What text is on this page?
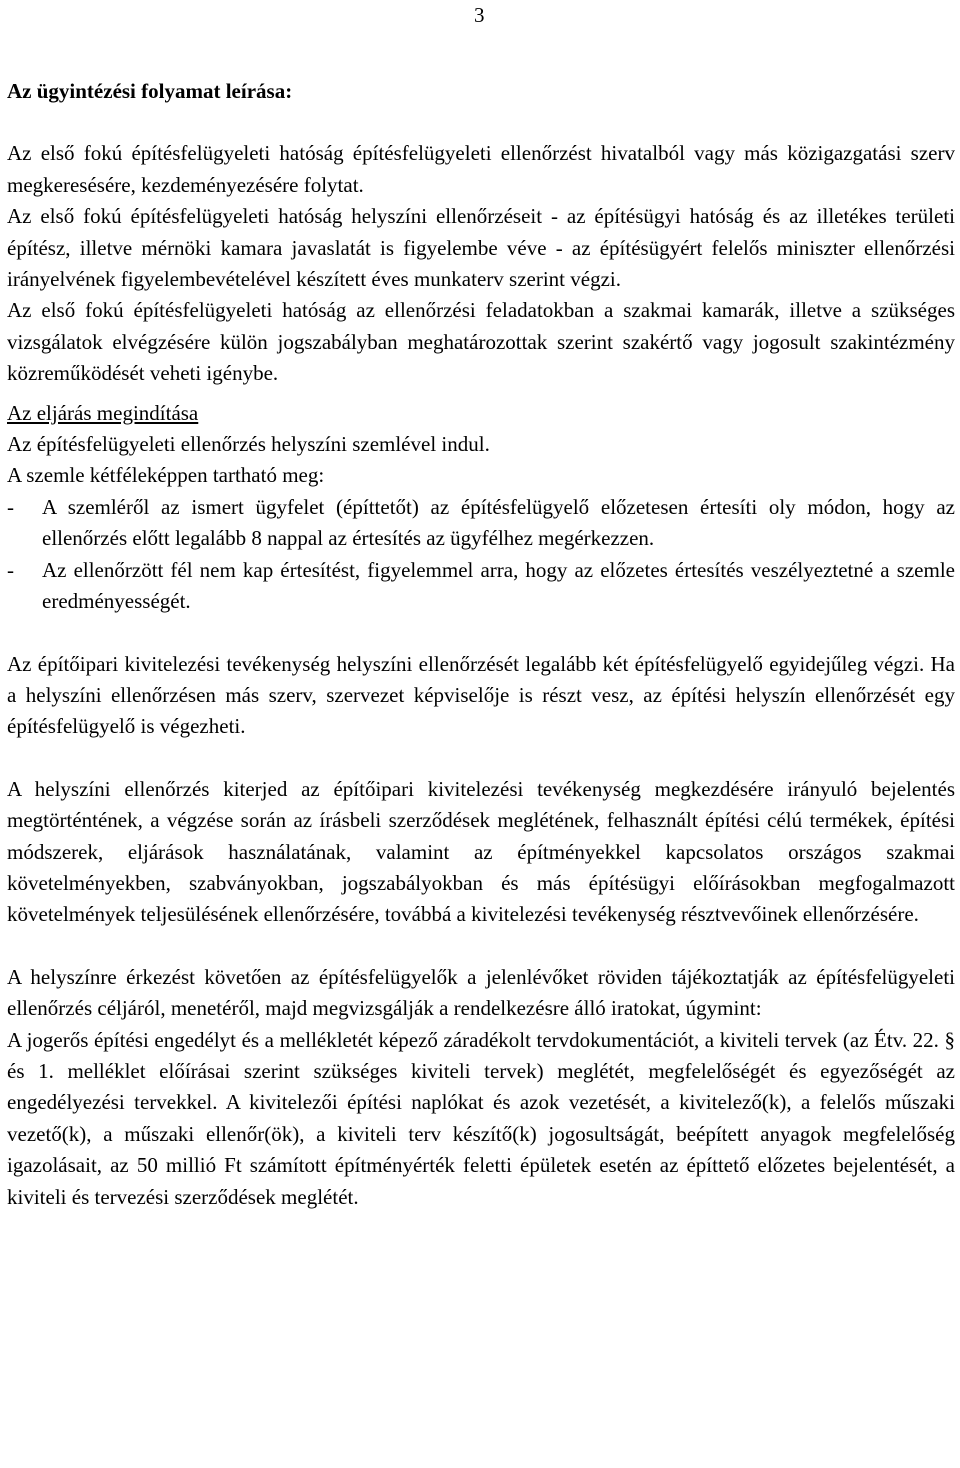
3

Az ügyintézési folyamat leírása:

Az első fokú építésfelügyeleti hatóság építésfelügyeleti ellenőrzést hivatalból vagy más közigazgatási szerv megkeresésére, kezdeményezésére folytat.

Az első fokú építésfelügyeleti hatóság helyszíni ellenőrzéseit - az építésügyi hatóság és az illetékes területi építész, illetve mérnöki kamara javaslatát is figyelembe véve - az építésügyért felelős miniszter ellenőrzési irányelvének figyelembevételével készített éves munkaterv szerint végzi.

Az első fokú építésfelügyeleti hatóság az ellenőrzési feladatokban a szakmai kamarák, illetve a szükséges vizsgálatok elvégzésére külön jogszabályban meghatározottak szerint szakértő vagy jogosult szakintézmény közreműködését veheti igénybe.

Az eljárás megindítása

Az építésfelügyeleti ellenőrzés helyszíni szemlével indul.

A szemle kétféleképpen tartható meg:

-	A szemléről az ismert ügyfelet (építtetőt) az építésfelügyelő előzetesen értesíti oly módon, hogy az ellenőrzés előtt legalább 8 nappal az értesítés az ügyfélhez megérkezzen.
-	Az ellenőrzött fél nem kap értesítést, figyelemmel arra, hogy az előzetes értesítés veszélyeztetné a szemle eredményességét.

Az építőipari kivitelezési tevékenység helyszíni ellenőrzését legalább két építésfelügyelő egyidejűleg végzi. Ha a helyszíni ellenőrzésen más szerv, szervezet képviselője is részt vesz, az építési helyszín ellenőrzését egy építésfelügyelő is végezheti.

A helyszíni ellenőrzés kiterjed az építőipari kivitelezési tevékenység megkezdésére irányuló bejelentés megtörténtének, a végzése során az írásbeli szerződések meglétének, felhasznált építési célú termékek, építési módszerek, eljárások használatának, valamint az építményekkel kapcsolatos országos szakmai követelményekben, szabványokban, jogszabályokban és más építésügyi előírásokban megfogalmazott követelmények teljesülésének ellenőrzésére, továbbá a kivitelezési tevékenység résztvevőinek ellenőrzésére.

A helyszínre érkezést követően az építésfelügyelők a jelenlévőket röviden tájékoztatják az építésfelügyeleti ellenőrzés céljáról, menetéről, majd megvizsgálják a rendelkezésre álló iratokat, úgymint:

A jogerős építési engedélyt és a mellékletét képező záradékolt tervdokumentációt, a kiviteli tervek (az Étv. 22. § és 1. melléklet előírásai szerint szükséges kiviteli tervek) meglétét, megfelelőségét és egyezőségét az engedélyezési tervekkel. A kivitelezői építési naplókat és azok vezetését, a kivitelező(k), a felelős műszaki vezető(k), a műszaki ellenőr(ök), a kiviteli terv készítő(k) jogosultságát, beépített anyagok megfelelőség igazolásait, az 50 millió Ft számított építményérték feletti épületek esetén az építtető előzetes bejelentését, a kiviteli és tervezési szerződések meglétét.
